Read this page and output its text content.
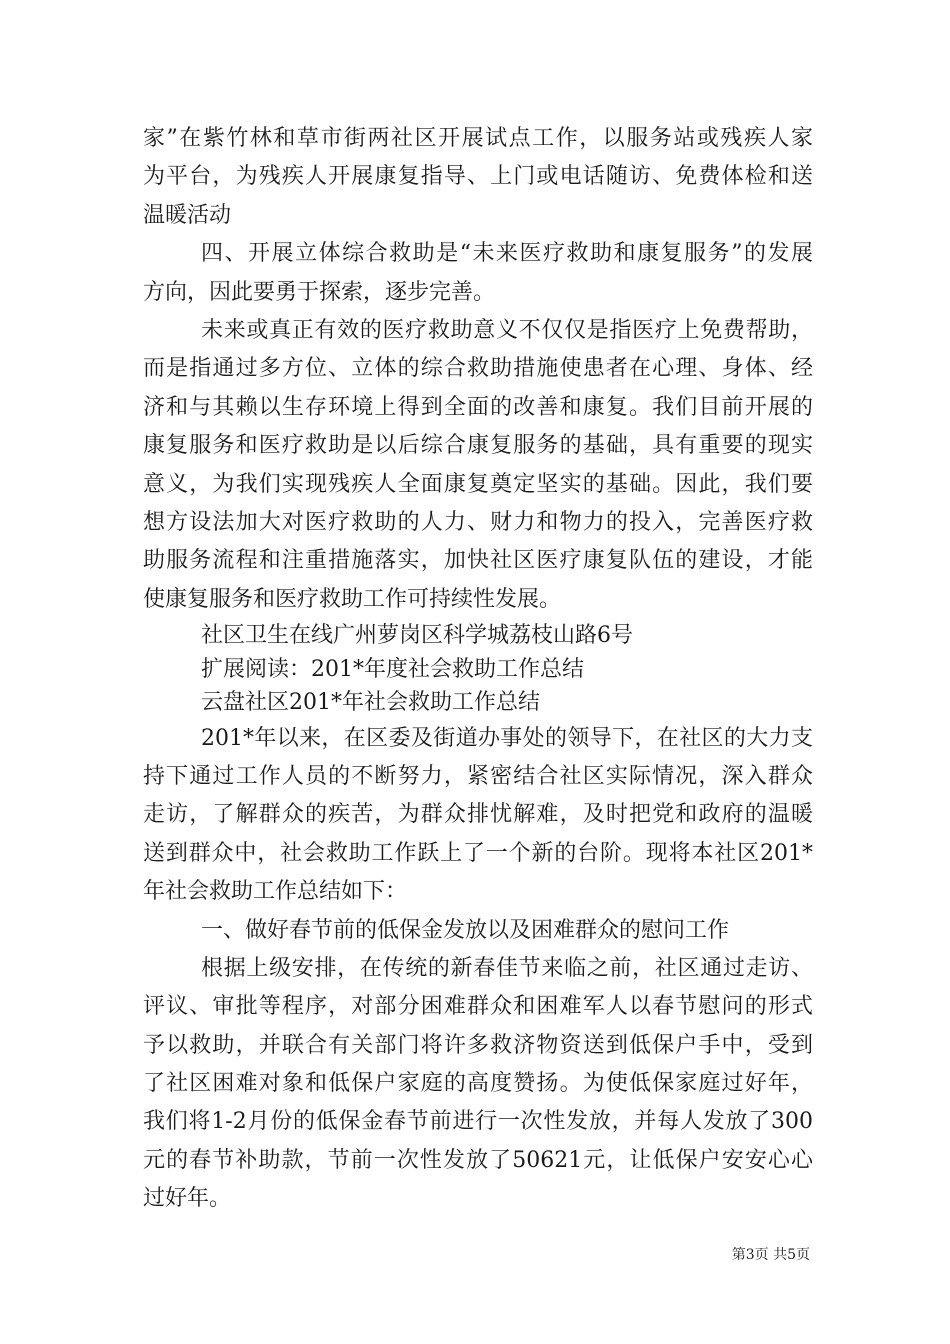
家”在紫竹林和草市街两社区开展试点工作，以服务站或残疾人家
为平台，为残疾人开展康复指导、上门或电话随访、免费体检和送
温暖活动
四、开展立体综合救助是“未来医疗救助和康复服务”的发展
方向，因此要勇于探索，逐步完善。
未来或真正有效的医疗救助意义不仅仅是指医疗上免费帮助，
而是指通过多方位、立体的综合救助措施使患者在心理、身体、经
济和与其赖以生存环境上得到全面的改善和康复。我们目前开展的
康复服务和医疗救助是以后综合康复服务的基础，具有重要的现实
意义，为我们实现残疾人全面康复奠定坚实的基础。因此，我们要
想方设法加大对医疗救助的人力、财力和物力的投入，完善医疗救
助服务流程和注重措施落实，加快社区医疗康复队伍的建设，才能
使康复服务和医疗救助工作可持续性发展。
社区卫生在线广州萝岗区科学城荔枝山路6号
扩展阅读：201*年度社会救助工作总结
云盘社区201*年社会救助工作总结
201*年以来，在区委及街道办事处的领导下，在社区的大力支
持下通过工作人员的不断努力，紧密结合社区实际情况，深入群众
走访，了解群众的疾苦，为群众排忧解难，及时把党和政府的温暖
送到群众中，社会救助工作跃上了一个新的台阶。现将本社区201*
年社会救助工作总结如下：
一、做好春节前的低保金发放以及困难群众的慰问工作
根据上级安排，在传统的新春佳节来临之前，社区通过走访、
评议、审批等程序，对部分困难群众和困难军人以春节慰问的形式
予以救助，并联合有关部门将许多救济物资送到低保户手中，受到
了社区困难对象和低保户家庭的高度赞扬。为使低保家庭过好年，
我们将1-2月份的低保金春节前进行一次性发放，并每人发放了300
元的春节补助款，节前一次性发放了50621元，让低保户安安心心
过好年。
第3页 共5页
